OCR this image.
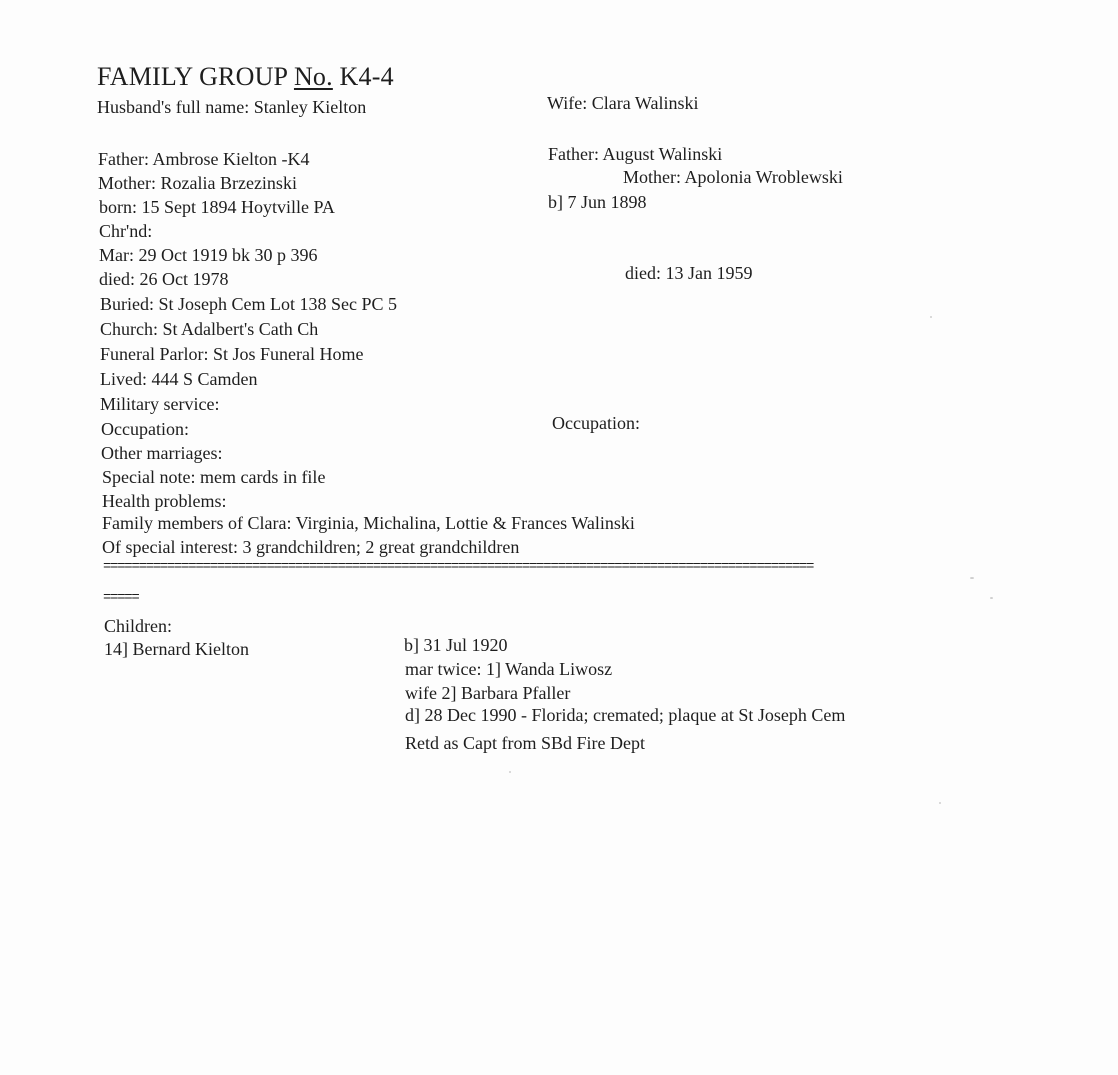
FAMILY GROUP No. K4-4
Husband's full name: Stanley Kielton
Father: Ambrose Kielton -K4
Mother: Rozalia Brzezinski
born: 15 Sept 1894 Hoytville PA
Chr'nd:
Mar: 29 Oct 1919 bk 30 p 396
died: 26 Oct 1978
Buried: St Joseph Cem Lot 138 Sec PC 5
Church: St Adalbert's Cath Ch
Funeral Parlor: St Jos Funeral Home
Lived: 444 S Camden
Military service:
Occupation:
Other marriages:
Special note: mem cards in file
Health problems:
Family members of Clara: Virginia, Michalina, Lottie & Frances Walinski
Of special interest: 3 grandchildren; 2 great grandchildren
Wife: Clara Walinski
Father: August Walinski
Mother: Apolonia Wroblewski
b] 7 Jun 1898
died: 13 Jan 1959
Occupation:
====================================================================================================
=====
Children:
14] Bernard Kielton	b] 31 Jul 1920
mar twice: 1] Wanda Liwosz
wife 2] Barbara Pfaller
d] 28 Dec 1990 - Florida; cremated; plaque at St Joseph Cem
Retd as Capt from SBd Fire Dept
